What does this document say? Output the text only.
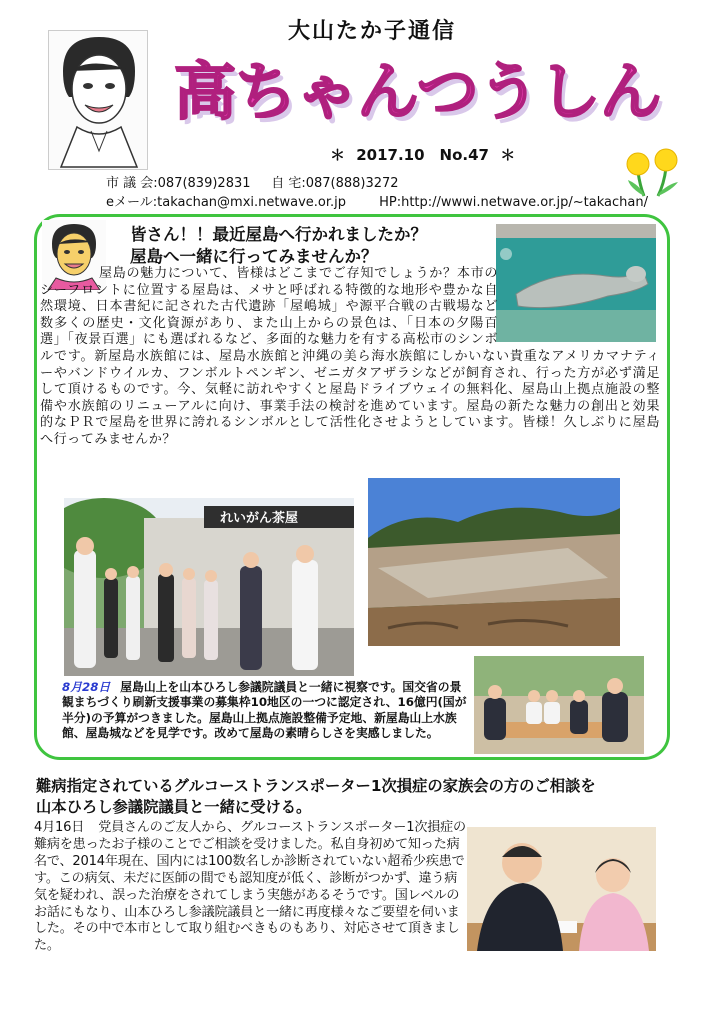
大山たか子通信
高ちゃんつうしん
＊ 2017.10　No.47 ＊
市 議 会:087(839)2831 自 宅:087(888)3272
eメール:takachan@mxi.netwave.or.jp	HP:http://wwwi.netwave.or.jp/~takachan/
皆さん！！最近屋島へ行かれましたか？
屋島へ一緒に行ってみませんか？

屋島の魅力について、皆様はどこまでご存知でしょうか？本市のシーフロントに位置する屋島は、メサと呼ばれる特徴的な地形や豊かな自然環境、日本書紀に記された古代遺跡「屋嶋城」や源平合戦の古戦場など数多くの歴史・文化資源があり、また山上からの景色は、「日本の夕陽百選」「夜景百選」にも選ばれるなど、多面的な魅力を有する高松市のシンボルです。新屋島水族館には、屋島水族館と沖縄の美ら海水族館にしかいない貴重なアメリカマナティーやバンドウイルカ、フンボルトペンギン、ゼニガタアザラシなどが飼育され、行った方が必ず満足して頂けるものです。今、気軽に訪れやすくと屋島ドライブウェイの無料化、屋島山上拠点施設の整備や水族館のリニューアルに向け、事業手法の検討を進めています。屋島の新たな魅力の創出と効果的なＰＲで屋島を世界に誇れるシンボルとして活性化させようとしています。皆様！久しぶりに屋島へ行ってみませんか？

れいがん茶屋
8月28日 屋島山上を山本ひろし参議院議員と一緒に視察です。国交省の景観まちづくり刷新支援事業の募集枠10地区の一つに認定され、16億円(国が半分)の予算がつきました。屋島山上拠点施設整備予定地、新屋島山上水族館、屋島城などを見学です。改めて屋島の素晴らしさを実感しました。
難病指定されているグルコーストランスポーター1次損症の家族会の方のご相談を
山本ひろし参議院議員と一緒に受ける。
4月16日 党員さんのご友人から、グルコーストランスポーター1次損症の難病を患ったお子様のことでご相談を受けました。私自身初めて知った病名で、2014年現在、国内には100数名しか診断されていない超希少疾患です。この病気、未だに医師の間でも認知度が低く、診断がつかず、違う病気を疑われ、誤った治療をされてしまう実態があるそうです。国レベルのお話にもなり、山本ひろし参議院議員と一緒に再度様々なご要望を伺いました。その中で本市として取り組むべきものもあり、対応させて頂きました。
